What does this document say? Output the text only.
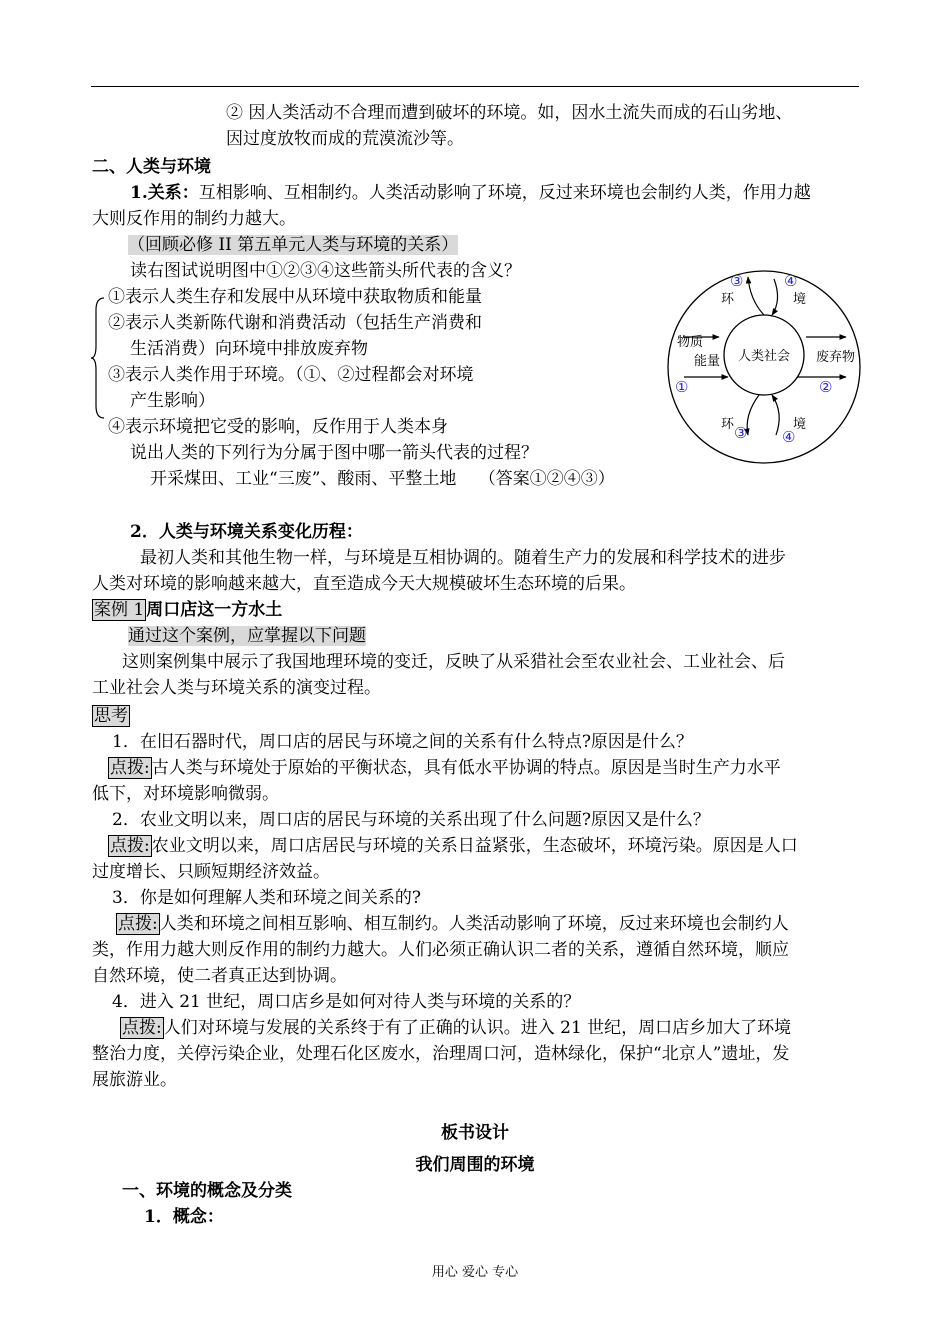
② 因人类活动不合理而遭到破坏的环境。如，因水土流失而成的石山劣地、
因过度放牧而成的荒漠流沙等。
二、人类与环境
1.关系：互相影响、互相制约。人类活动影响了环境，反过来环境也会制约人类，作用力越
大则反作用的制约力越大。
（回顾必修 II 第五单元人类与环境的关系）
读右图试说明图中①②③④这些箭头所代表的含义？
①表示人类生存和发展中从环境中获取物质和能量
②表示人类新陈代谢和消费活动（包括生产消费和
生活消费）向环境中排放废弃物
③表示人类作用于环境。（①、②过程都会对环境
产生影响）
④表示环境把它受的影响，反作用于人类本身
说出人类的下列行为分属于图中哪一箭头代表的过程？
开采煤田、工业“三废”、酸雨、平整土地　 （答案①②④③）
人类社会
物质
能量	废弃物
环	境
环	境
③	④
①	②
③ ④
2．人类与环境关系变化历程：
最初人类和其他生物一样，与环境是互相协调的。随着生产力的发展和科学技术的进步
人类对环境的影响越来越大，直至造成今天大规模破坏生态环境的后果。
案例 1 周口店这一方水土
通过这个案例，应掌握以下问题
这则案例集中展示了我国地理环境的变迁，反映了从采猎社会至农业社会、工业社会、后
工业社会人类与环境关系的演变过程。
思考
1．在旧石器时代，周口店的居民与环境之间的关系有什么特点?原因是什么？
点拨: 古人类与环境处于原始的平衡状态，具有低水平协调的特点。原因是当时生产力水平
低下，对环境影响微弱。
2．农业文明以来，周口店的居民与环境的关系出现了什么问题?原因又是什么？
点拨: 农业文明以来，周口店居民与环境的关系日益紧张，生态破坏，环境污染。原因是人口
过度增长、只顾短期经济效益。
3．你是如何理解人类和环境之间关系的?
点拨: 人类和环境之间相互影响、相互制约。人类活动影响了环境，反过来环境也会制约人
类，作用力越大则反作用的制约力越大。人们必须正确认识二者的关系，遵循自然环境，顺应
自然环境，使二者真正达到协调。
4．进入 21 世纪，周口店乡是如何对待人类与环境的关系的？
点拨: 人们对环境与发展的关系终于有了正确的认识。进入 21 世纪，周口店乡加大了环境
整治力度，关停污染企业，处理石化区废水，治理周口河，造林绿化，保护“北京人”遗址，发
展旅游业。
板书设计
我们周围的环境
一、环境的概念及分类
1．概念：
用心 爱心 专心
